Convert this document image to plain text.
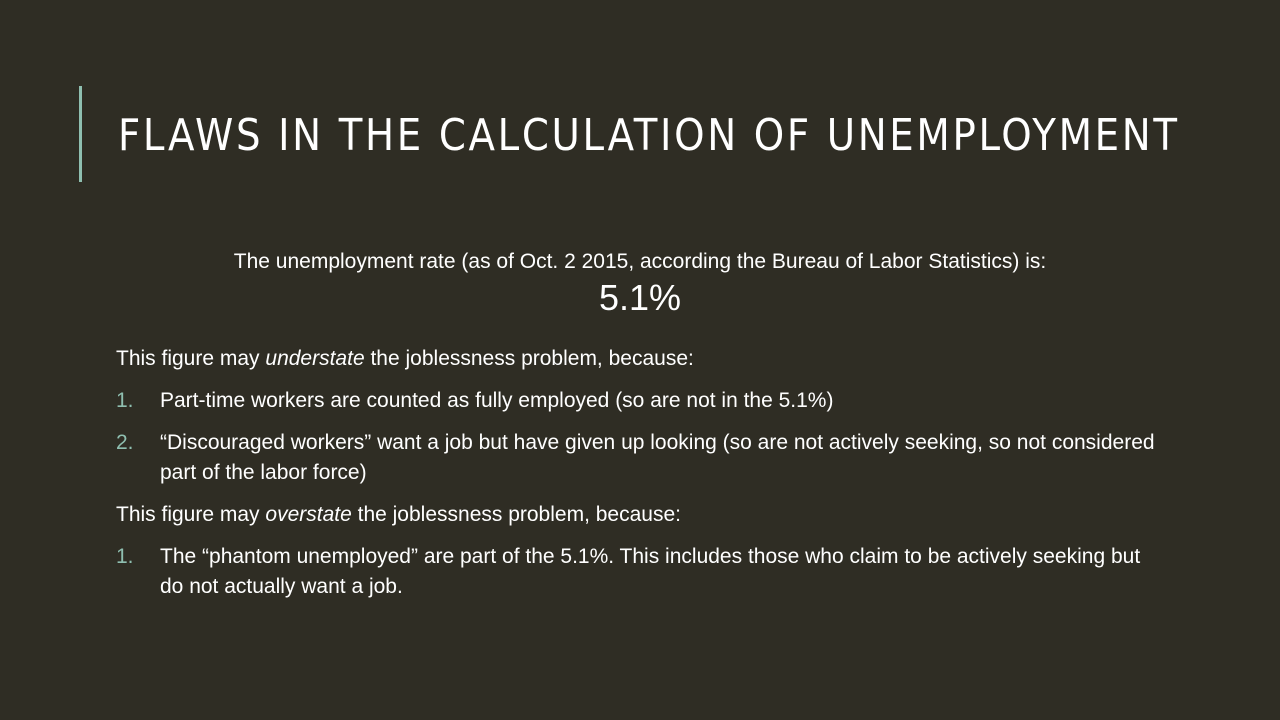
FLAWS IN THE CALCULATION OF UNEMPLOYMENT
The unemployment rate (as of Oct. 2 2015, according the Bureau of Labor Statistics) is:
5.1%

This figure may understate the joblessness problem, because:

1. Part-time workers are counted as fully employed (so are not in the 5.1%)
2. “Discouraged workers” want a job but have given up looking (so are not actively seeking, so not considered part of the labor force)

This figure may overstate the joblessness problem, because:

1. The “phantom unemployed” are part of the 5.1%. This includes those who claim to be actively seeking but do not actually want a job.
